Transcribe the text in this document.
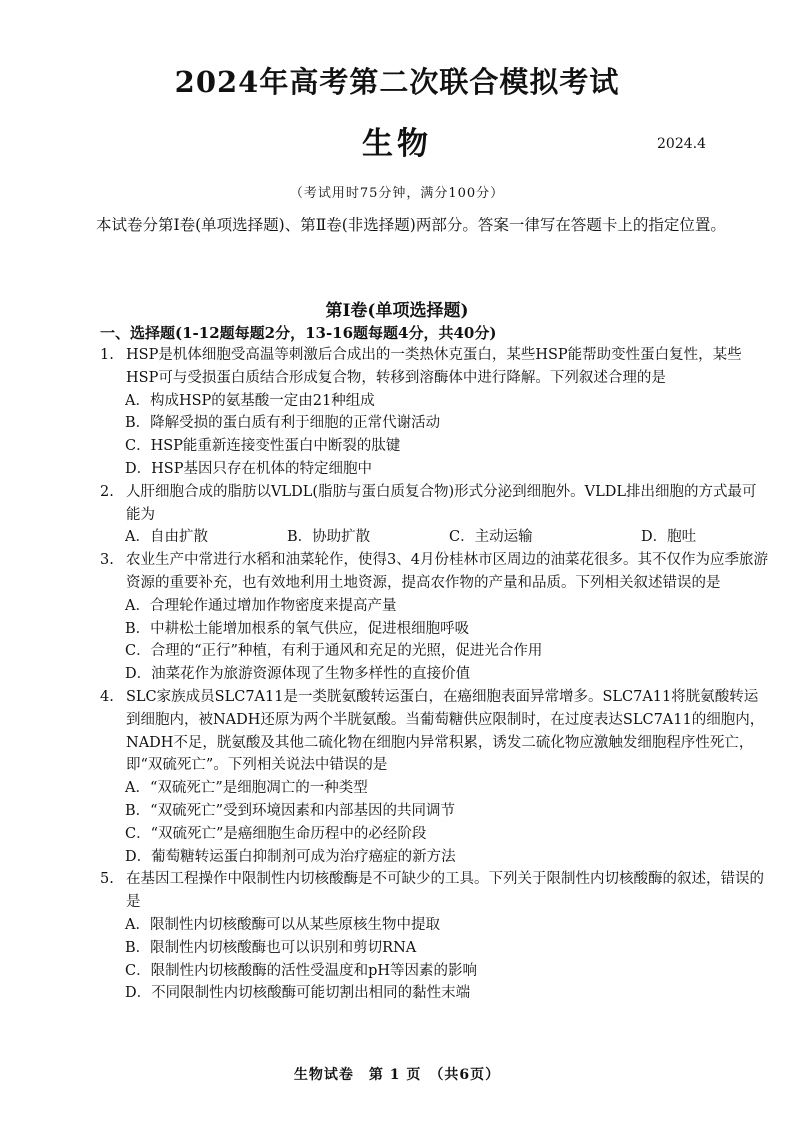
2024年高考第二次联合模拟考试
生物	2024.4
（考试用时75分钟，满分100分）
本试卷分第Ⅰ卷(单项选择题)、第Ⅱ卷(非选择题)两部分。答案一律写在答题卡上的指定位置。
第Ⅰ卷(单项选择题)
一、选择题(1-12题每题2分，13-16题每题4分，共40分)
1. HSP是机体细胞受高温等刺激后合成出的一类热休克蛋白，某些HSP能帮助变性蛋白复性，某些HSP可与受损蛋白质结合形成复合物，转移到溶酶体中进行降解。下列叙述合理的是
A．构成HSP的氨基酸一定由21种组成
B．降解受损的蛋白质有利于细胞的正常代谢活动
C．HSP能重新连接变性蛋白中断裂的肽键
D．HSP基因只存在机体的特定细胞中
2. 人肝细胞合成的脂肪以VLDL(脂肪与蛋白质复合物)形式分泌到细胞外。VLDL排出细胞的方式最可能为
A．自由扩散	B．协助扩散	C．主动运输	D．胞吐
3. 农业生产中常进行水稻和油菜轮作，使得3、4月份桂林市区周边的油菜花很多。其不仅作为应季旅游资源的重要补充，也有效地利用土地资源，提高农作物的产量和品质。下列相关叙述错误的是
A．合理轮作通过增加作物密度来提高产量
B．中耕松土能增加根系的氧气供应，促进根细胞呼吸
C．合理的“正行”种植，有利于通风和充足的光照，促进光合作用
D．油菜花作为旅游资源体现了生物多样性的直接价值
4. SLC家族成员SLC7A11是一类胱氨酸转运蛋白，在癌细胞表面异常增多。SLC7A11将胱氨酸转运到细胞内，被NADH还原为两个半胱氨酸。当葡萄糖供应限制时，在过度表达SLC7A11的细胞内，NADH不足，胱氨酸及其他二硫化物在细胞内异常积累，诱发二硫化物应激触发细胞程序性死亡，即“双硫死亡”。下列相关说法中错误的是
A．“双硫死亡”是细胞凋亡的一种类型
B．“双硫死亡”受到环境因素和内部基因的共同调节
C．“双硫死亡”是癌细胞生命历程中的必经阶段
D．葡萄糖转运蛋白抑制剂可成为治疗癌症的新方法
5. 在基因工程操作中限制性内切核酸酶是不可缺少的工具。下列关于限制性内切核酸酶的叙述，错误的是
A．限制性内切核酸酶可以从某些原核生物中提取
B．限制性内切核酸酶也可以识别和剪切RNA
C．限制性内切核酸酶的活性受温度和pH等因素的影响
D．不同限制性内切核酸酶可能切割出相同的黏性末端
生物试卷　第 1 页　（共6页）
